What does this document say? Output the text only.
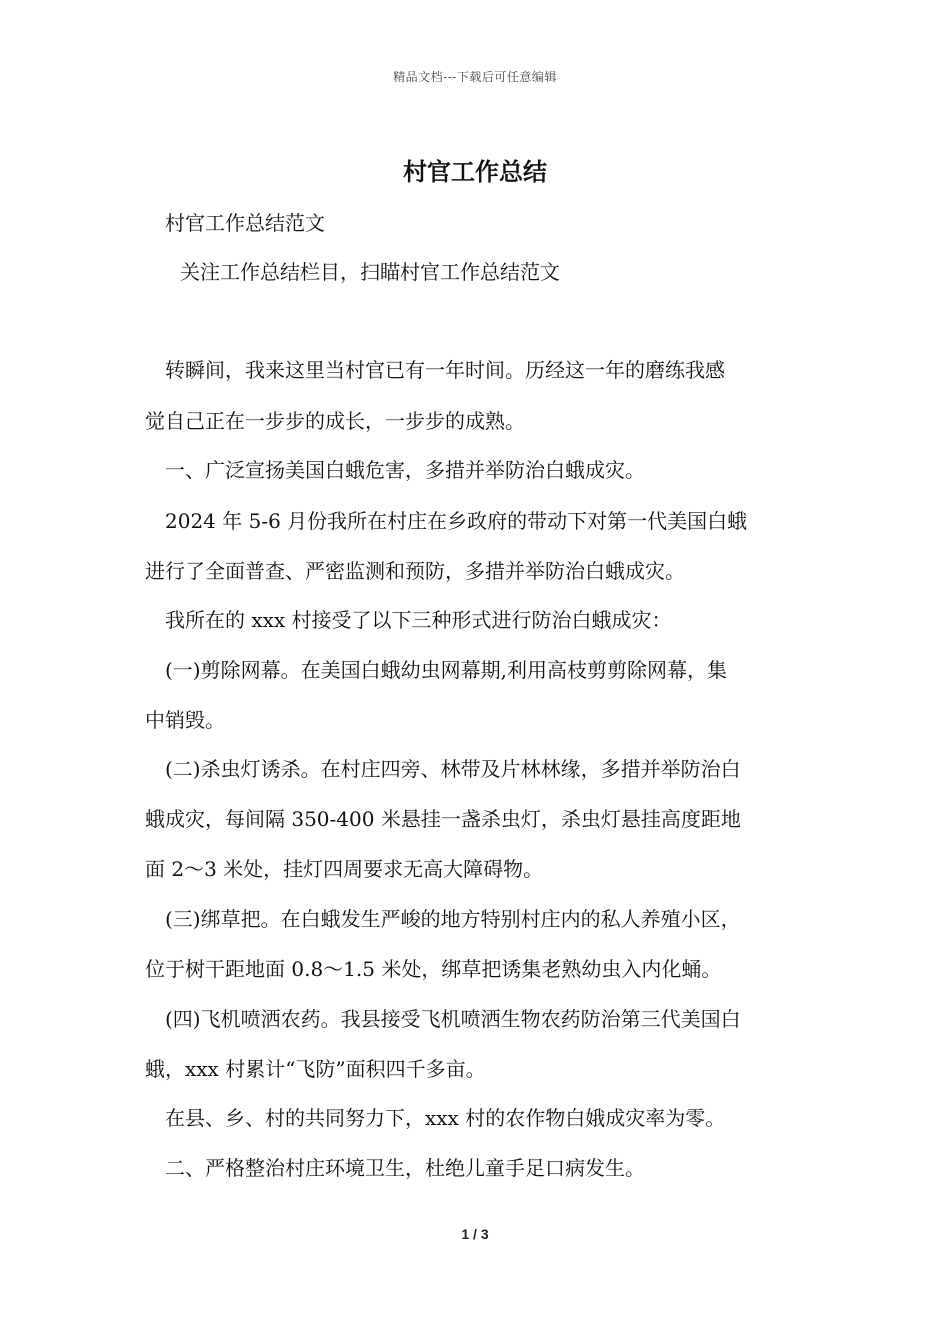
精品文档---下载后可任意编辑
村官工作总结
村官工作总结范文
关注工作总结栏目，扫瞄村官工作总结范文
转瞬间，我来这里当村官已有一年时间。历经这一年的磨练我感
觉自己正在一步步的成长，一步步的成熟。
一、广泛宣扬美国白蛾危害，多措并举防治白蛾成灾。
2024 年 5-6 月份我所在村庄在乡政府的带动下对第一代美国白蛾
进行了全面普查、严密监测和预防，多措并举防治白蛾成灾。
我所在的 xxx 村接受了以下三种形式进行防治白蛾成灾：
(一)剪除网幕。在美国白蛾幼虫网幕期,利用高枝剪剪除网幕，集
中销毁。
(二)杀虫灯诱杀。在村庄四旁、林带及片林林缘，多措并举防治白
蛾成灾，每间隔 350-400 米悬挂一盏杀虫灯，杀虫灯悬挂高度距地
面 2～3 米处，挂灯四周要求无高大障碍物。
(三)绑草把。在白蛾发生严峻的地方特别村庄内的私人养殖小区，
位于树干距地面 0.8～1.5 米处，绑草把诱集老熟幼虫入内化蛹。
(四)飞机喷洒农药。我县接受飞机喷洒生物农药防治第三代美国白
蛾，xxx 村累计“飞防”面积四千多亩。
在县、乡、村的共同努力下，xxx 村的农作物白娥成灾率为零。
二、严格整治村庄环境卫生，杜绝儿童手足口病发生。
1 / 3
